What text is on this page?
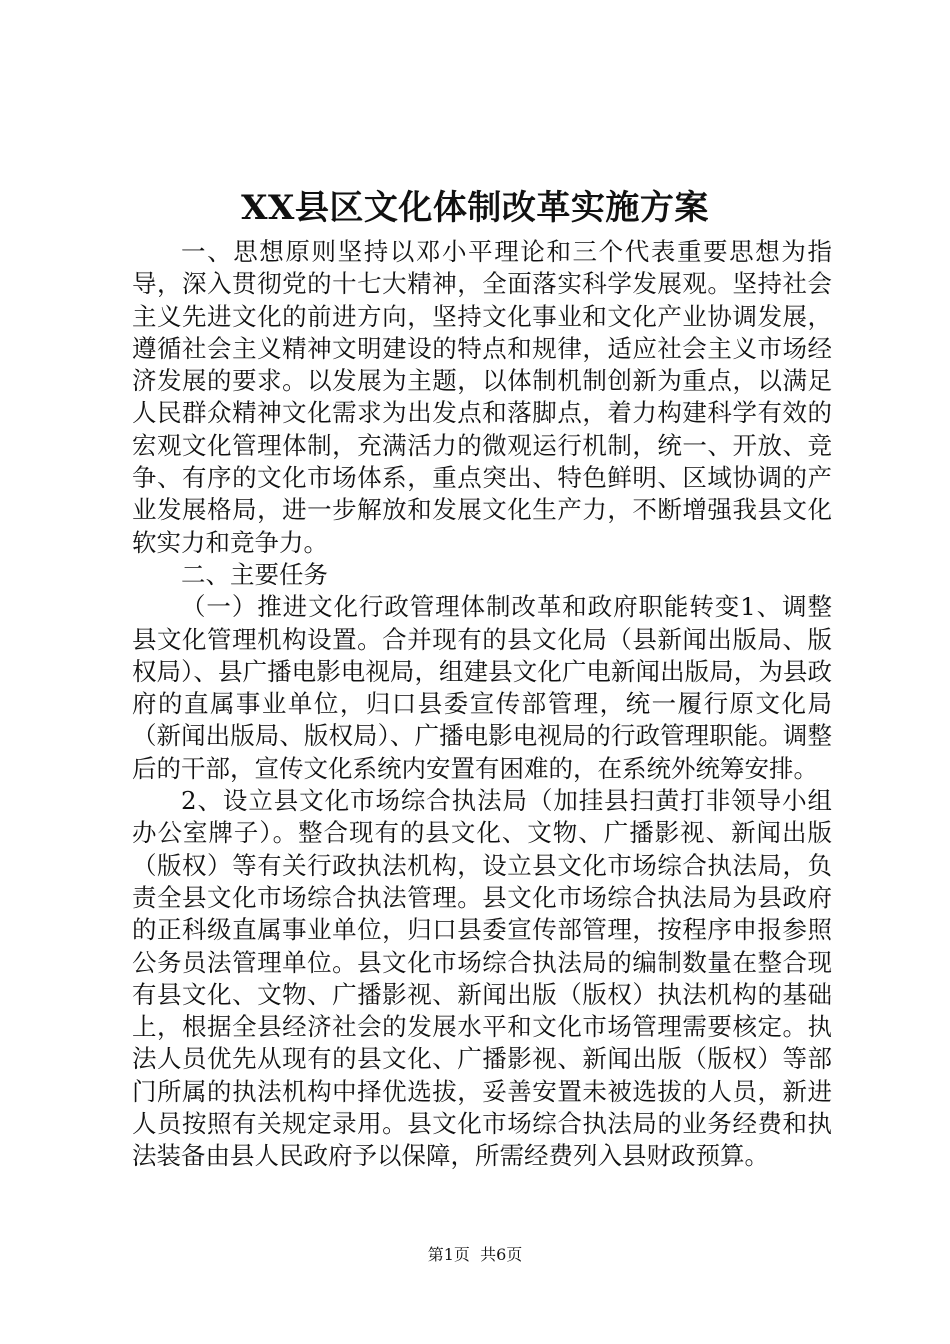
XX县区文化体制改革实施方案

一、思想原则坚持以邓小平理论和三个代表重要思想为指导，深入贯彻党的十七大精神，全面落实科学发展观。坚持社会主义先进文化的前进方向，坚持文化事业和文化产业协调发展，遵循社会主义精神文明建设的特点和规律，适应社会主义市场经济发展的要求。以发展为主题，以体制机制创新为重点，以满足人民群众精神文化需求为出发点和落脚点，着力构建科学有效的宏观文化管理体制，充满活力的微观运行机制，统一、开放、竞争、有序的文化市场体系，重点突出、特色鲜明、区域协调的产业发展格局，进一步解放和发展文化生产力，不断增强我县文化软实力和竞争力。

二、主要任务

（一）推进文化行政管理体制改革和政府职能转变1、调整县文化管理机构设置。合并现有的县文化局（县新闻出版局、版权局）、县广播电影电视局，组建县文化广电新闻出版局，为县政府的直属事业单位，归口县委宣传部管理，统一履行原文化局（新闻出版局、版权局）、广播电影电视局的行政管理职能。调整后的干部，宣传文化系统内安置有困难的，在系统外统筹安排。

2、设立县文化市场综合执法局（加挂县扫黄打非领导小组办公室牌子）。整合现有的县文化、文物、广播影视、新闻出版（版权）等有关行政执法机构，设立县文化市场综合执法局，负责全县文化市场综合执法管理。县文化市场综合执法局为县政府的正科级直属事业单位，归口县委宣传部管理，按程序申报参照公务员法管理单位。县文化市场综合执法局的编制数量在整合现有县文化、文物、广播影视、新闻出版（版权）执法机构的基础上，根据全县经济社会的发展水平和文化市场管理需要核定。执法人员优先从现有的县文化、广播影视、新闻出版（版权）等部门所属的执法机构中择优选拔，妥善安置未被选拔的人员，新进人员按照有关规定录用。县文化市场综合执法局的业务经费和执法装备由县人民政府予以保障，所需经费列入县财政预算。

第1页 共6页
